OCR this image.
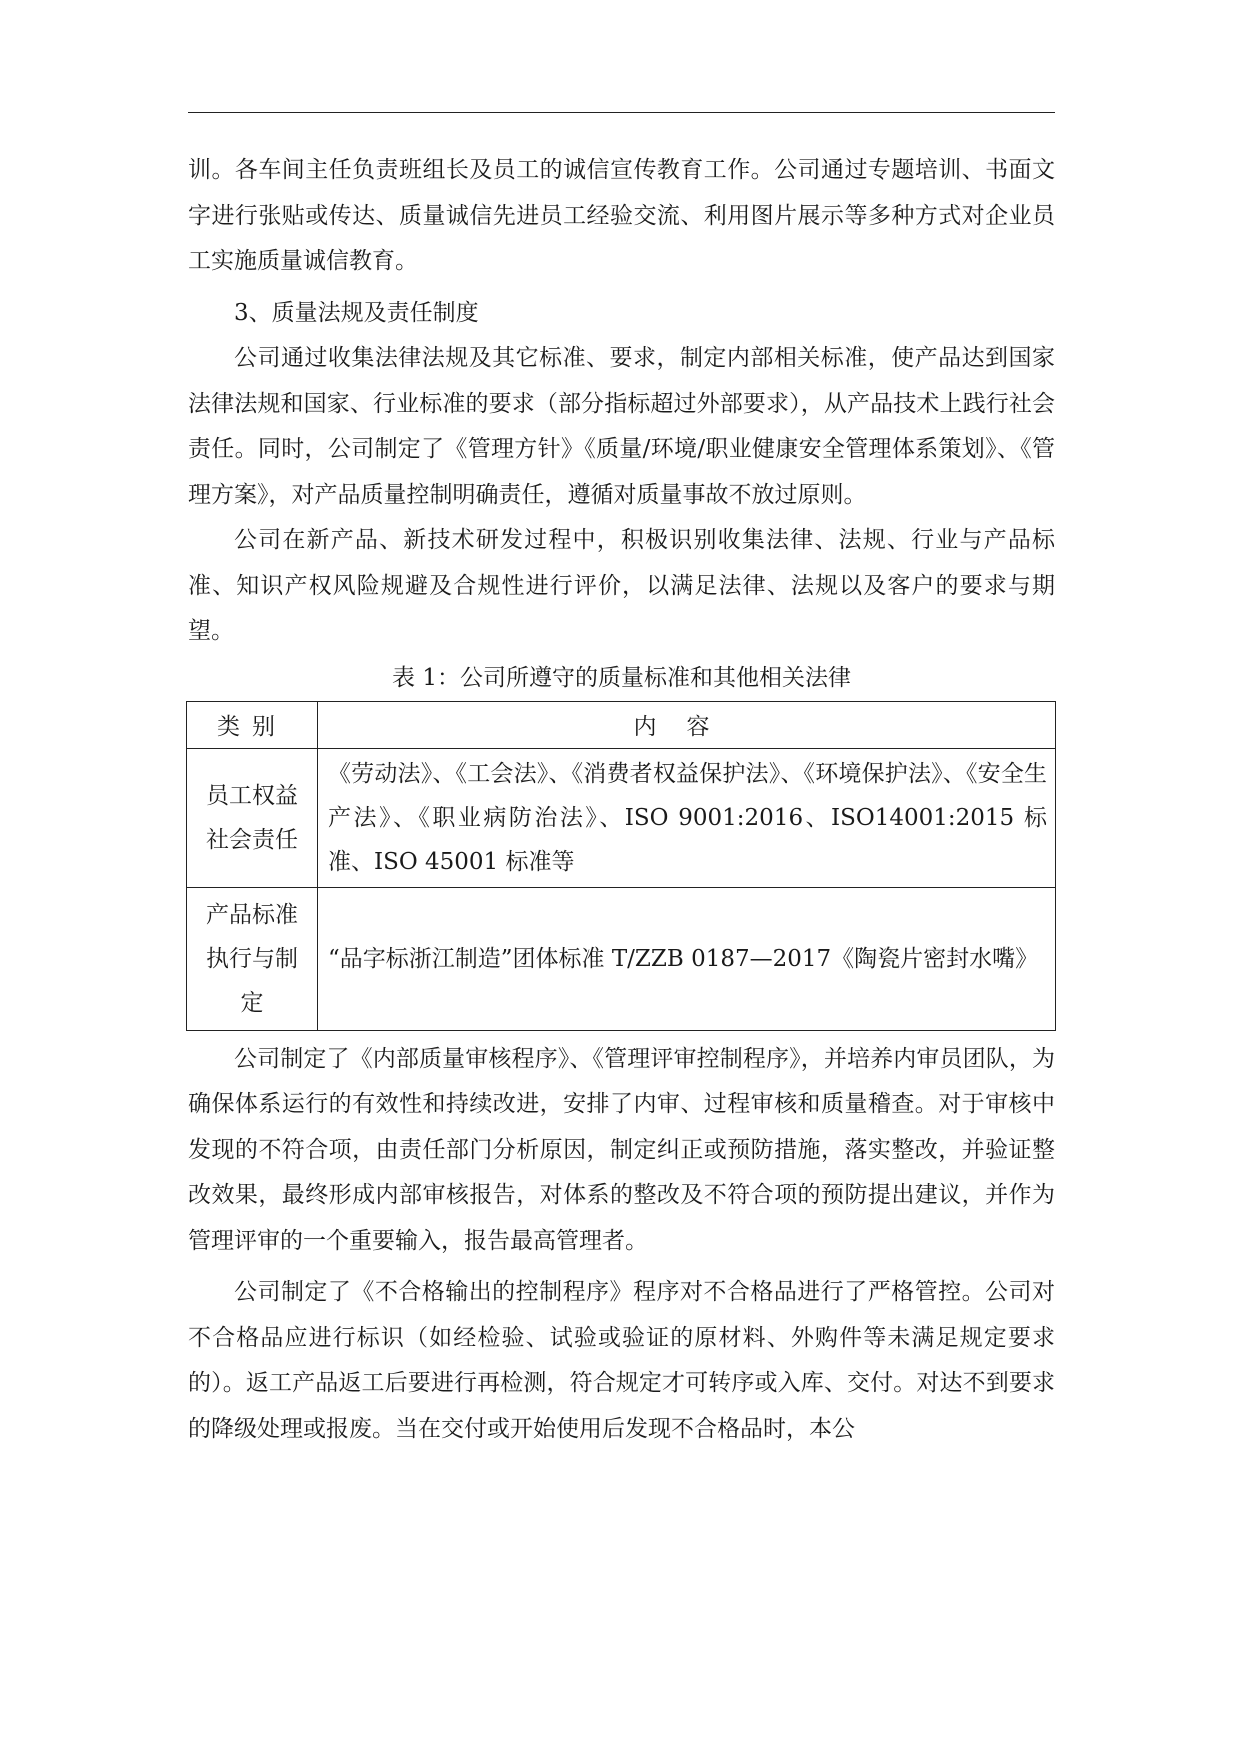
训。各车间主任负责班组长及员工的诚信宣传教育工作。公司通过专题培训、书面文字进行张贴或传达、质量诚信先进员工经验交流、利用图片展示等多种方式对企业员工实施质量诚信教育。

3、质量法规及责任制度

公司通过收集法律法规及其它标准、要求，制定内部相关标准，使产品达到国家法律法规和国家、行业标准的要求（部分指标超过外部要求），从产品技术上践行社会责任。同时，公司制定了《管理方针》《质量/环境/职业健康安全管理体系策划》、《管理方案》，对产品质量控制明确责任，遵循对质量事故不放过原则。

公司在新产品、新技术研发过程中，积极识别收集法律、法规、行业与产品标准、知识产权风险规避及合规性进行评价，以满足法律、法规以及客户的要求与期望。

表 1：公司所遵守的质量标准和其他相关法律
类别	内容

员工权益社会责任	《劳动法》、《工会法》、《消费者权益保护法》、《环境保护法》、《安全生产法》、《职业病防治法》、ISO 9001:2016、ISO14001:2015 标准、ISO 45001 标准等

产品标准执行与制定	“品字标浙江制造”团体标准 T/ZZB 0187—2017《陶瓷片密封水嘴》

公司制定了《内部质量审核程序》、《管理评审控制程序》，并培养内审员团队，为确保体系运行的有效性和持续改进，安排了内审、过程审核和质量稽查。对于审核中发现的不符合项，由责任部门分析原因，制定纠正或预防措施，落实整改，并验证整改效果，最终形成内部审核报告，对体系的整改及不符合项的预防提出建议，并作为管理评审的一个重要输入，报告最高管理者。

公司制定了《不合格输出的控制程序》程序对不合格品进行了严格管控。公司对不合格品应进行标识（如经检验、试验或验证的原材料、外购件等未满足规定要求的）。返工产品返工后要进行再检测，符合规定才可转序或入库、交付。对达不到要求的降级处理或报废。当在交付或开始使用后发现不合格品时，本公
